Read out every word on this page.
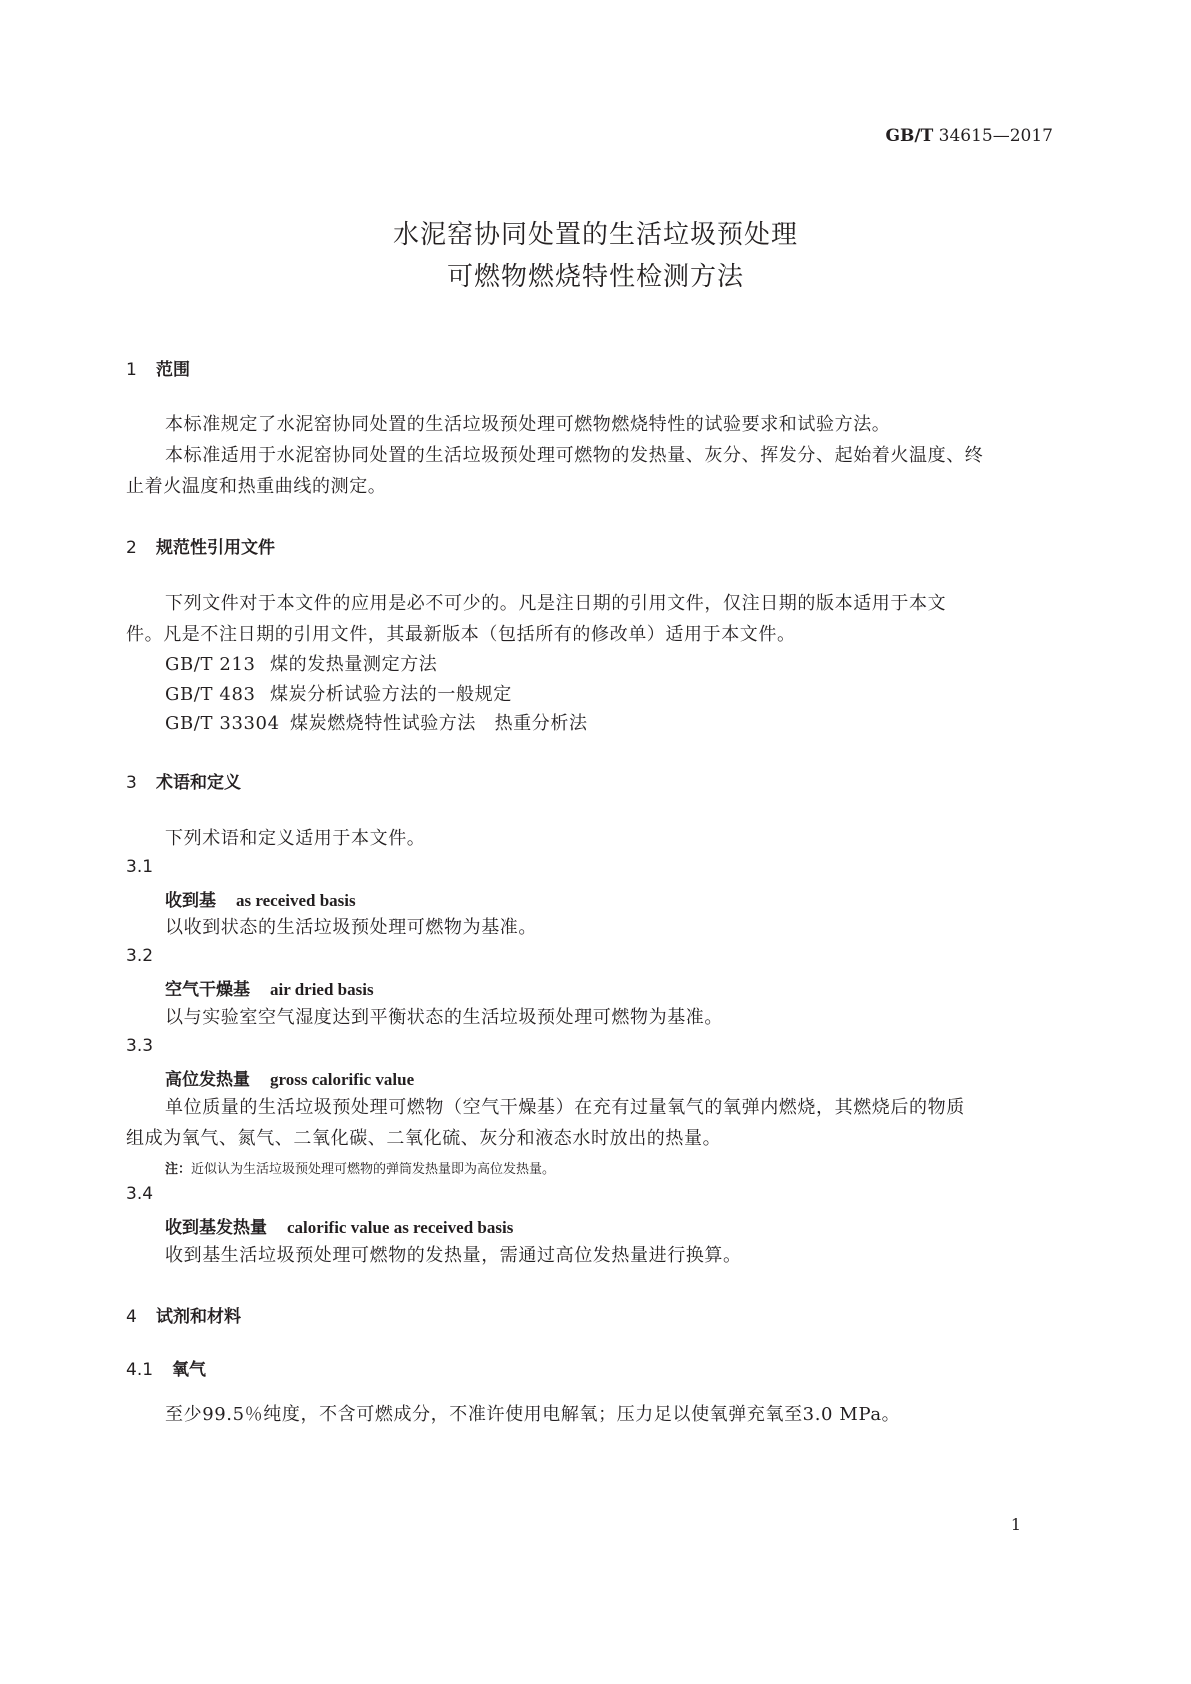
GB/T 34615—2017
水泥窑协同处置的生活垃圾预处理
可燃物燃烧特性检测方法
1 范围
本标准规定了水泥窑协同处置的生活垃圾预处理可燃物燃烧特性的试验要求和试验方法。
本标准适用于水泥窑协同处置的生活垃圾预处理可燃物的发热量、灰分、挥发分、起始着火温度、终
止着火温度和热重曲线的测定。
2 规范性引用文件
下列文件对于本文件的应用是必不可少的。凡是注日期的引用文件，仅注日期的版本适用于本文
件。凡是不注日期的引用文件，其最新版本（包括所有的修改单）适用于本文件。
GB/T 213 煤的发热量测定方法
GB/T 483 煤炭分析试验方法的一般规定
GB/T 33304 煤炭燃烧特性试验方法　热重分析法
3 术语和定义
下列术语和定义适用于本文件。
3.1
收到基 as received basis
以收到状态的生活垃圾预处理可燃物为基准。
3.2
空气干燥基 air dried basis
以与实验室空气湿度达到平衡状态的生活垃圾预处理可燃物为基准。
3.3
高位发热量 gross calorific value
单位质量的生活垃圾预处理可燃物（空气干燥基）在充有过量氧气的氧弹内燃烧，其燃烧后的物质
组成为氧气、氮气、二氧化碳、二氧化硫、灰分和液态水时放出的热量。
注：近似认为生活垃圾预处理可燃物的弹筒发热量即为高位发热量。
3.4
收到基发热量 calorific value as received basis
收到基生活垃圾预处理可燃物的发热量，需通过高位发热量进行换算。
4 试剂和材料
4.1 氧气
至少99.5％纯度，不含可燃成分，不准许使用电解氧；压力足以使氧弹充氧至3.0 MPa。
1
